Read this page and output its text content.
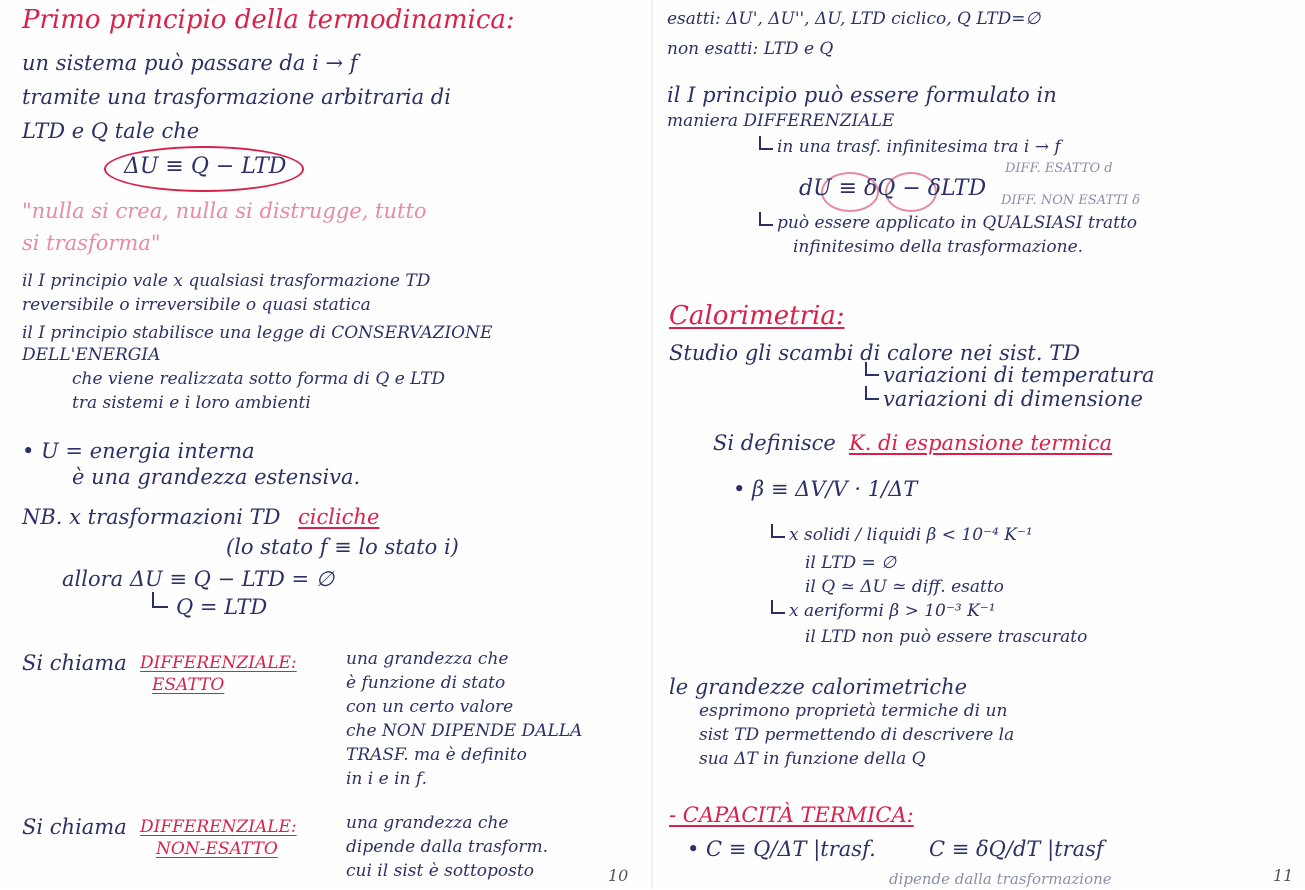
Primo principio della termodinamica:
un sistema può passare da i → f
tramite una trasformazione arbitraria di
LTD e Q tale che
ΔU ≡ Q − LTD
"nulla si crea, nulla si distrugge, tutto
si trasforma"
il I principio vale x qualsiasi trasformazione TD
reversibile o irreversibile o quasi statica
il I principio stabilisce una legge di CONSERVAZIONE
DELL'ENERGIA
che viene realizzata sotto forma di Q e LTD
tra sistemi e i loro ambienti
• U = energia interna
è una grandezza estensiva.
NB. x trasformazioni TD cicliche
(lo stato f ≡ lo stato i)
allora ΔU ≡ Q − LTD = ∅
Q = LTD
Si chiama DIFFERENZIALE:
ESATTO
una grandezza che
è funzione di stato
con un certo valore
che NON DIPENDE DALLA
TRASF. ma è definito
in i e in f.
Si chiama DIFFERENZIALE:
NON-ESATTO
una grandezza che
dipende dalla trasform.
cui il sist è sottoposto	10
esatti: ΔU', ΔU'', ΔU, LTD ciclico, Q LTD=∅
non esatti: LTD e Q
il I principio può essere formulato in
maniera DIFFERENZIALE
in una trasf. infinitesima tra i → f
DIFF. ESATTO d
dU ≡ δQ − δLTD DIFF. NON ESATTI δ
può essere applicato in QUALSIASI tratto
infinitesimo della trasformazione.
Calorimetria:
Studio gli scambi di calore nei sist. TD
variazioni di temperatura
variazioni di dimensione
Si definisce K. di espansione termica
• β ≡ ΔV/V · 1/ΔT
x solidi / liquidi β < 10⁻⁴ K⁻¹
il LTD = ∅
il Q ≃ ΔU ≃ diff. esatto
x aeriformi β > 10⁻³ K⁻¹
il LTD non può essere trascurato
le grandezze calorimetriche
esprimono proprietà termiche di un
sist TD permettendo di descrivere la
sua ΔT in funzione della Q
- CAPACITÀ TERMICA:
• C ≡ Q/ΔT |trasf.	C ≡ δQ/dT |trasf
dipende dalla trasformazione	11
